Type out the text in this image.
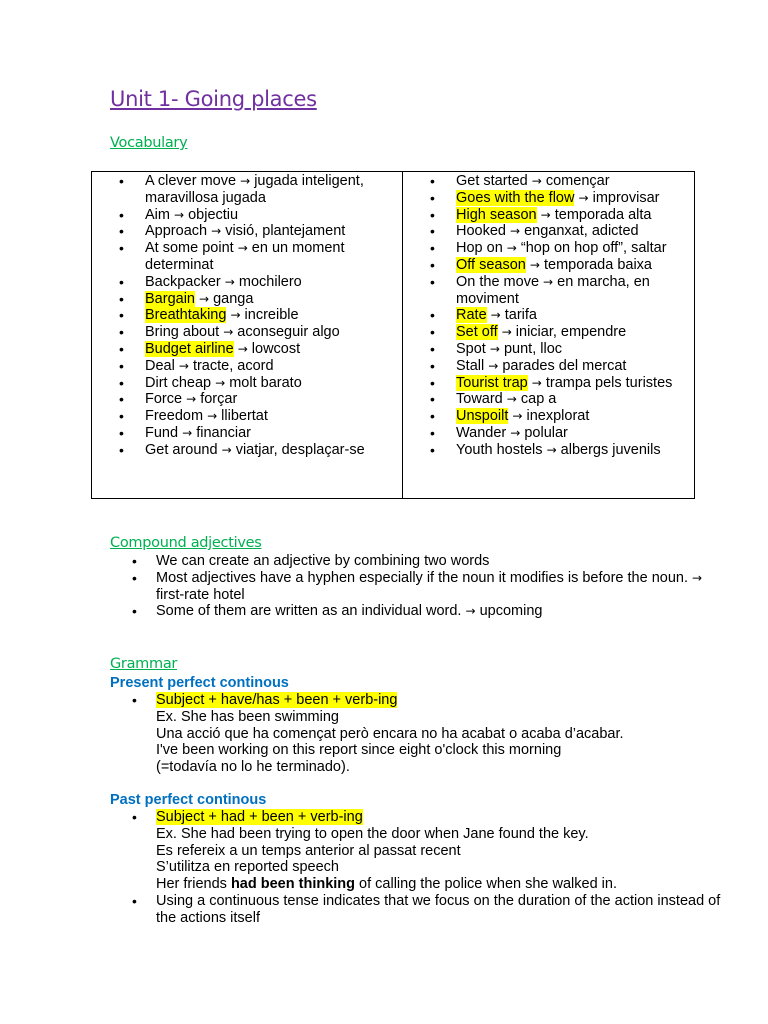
Unit 1- Going places
Vocabulary
• A clever move → jugada inteligent, maravillosa jugada
• Aim → objectiu
• Approach → visió, plantejament
• At some point → en un moment determinat
• Backpacker → mochilero
• Bargain → ganga
• Breathtaking → increible
• Bring about → aconseguir algo
• Budget airline → lowcost
• Deal → tracte, acord
• Dirt cheap → molt barato
• Force → forçar
• Freedom → llibertat
• Fund → financiar
• Get around → viatjar, desplaçar-se
• Get started → començar
• Goes with the flow → improvisar
• High season → temporada alta
• Hooked → enganxat, adicted
• Hop on → “hop on hop off”, saltar
• Off season → temporada baixa
• On the move → en marcha, en moviment
• Rate → tarifa
• Set off → iniciar, empendre
• Spot → punt, lloc
• Stall → parades del mercat
• Tourist trap → trampa pels turistes
• Toward → cap a
• Unspoilt → inexplorat
• Wander → polular
• Youth hostels → albergs juvenils
Compound adjectives
• We can create an adjective by combining two words
• Most adjectives have a hyphen especially if the noun it modifies is before the noun. → first-rate hotel
• Some of them are written as an individual word. → upcoming
Grammar
Present perfect continous
• Subject + have/has + been + verb-ing
Ex. She has been swimming
Una acció que ha començat però encara no ha acabat o acaba d’acabar.
I've been working on this report since eight o'clock this morning
(=todavía no lo he terminado).
Past perfect continous
• Subject + had + been + verb-ing
Ex. She had been trying to open the door when Jane found the key.
Es refereix a un temps anterior al passat recent
S’utilitza en reported speech
Her friends had been thinking of calling the police when she walked in.
• Using a continuous tense indicates that we focus on the duration of the action instead of the actions itself
